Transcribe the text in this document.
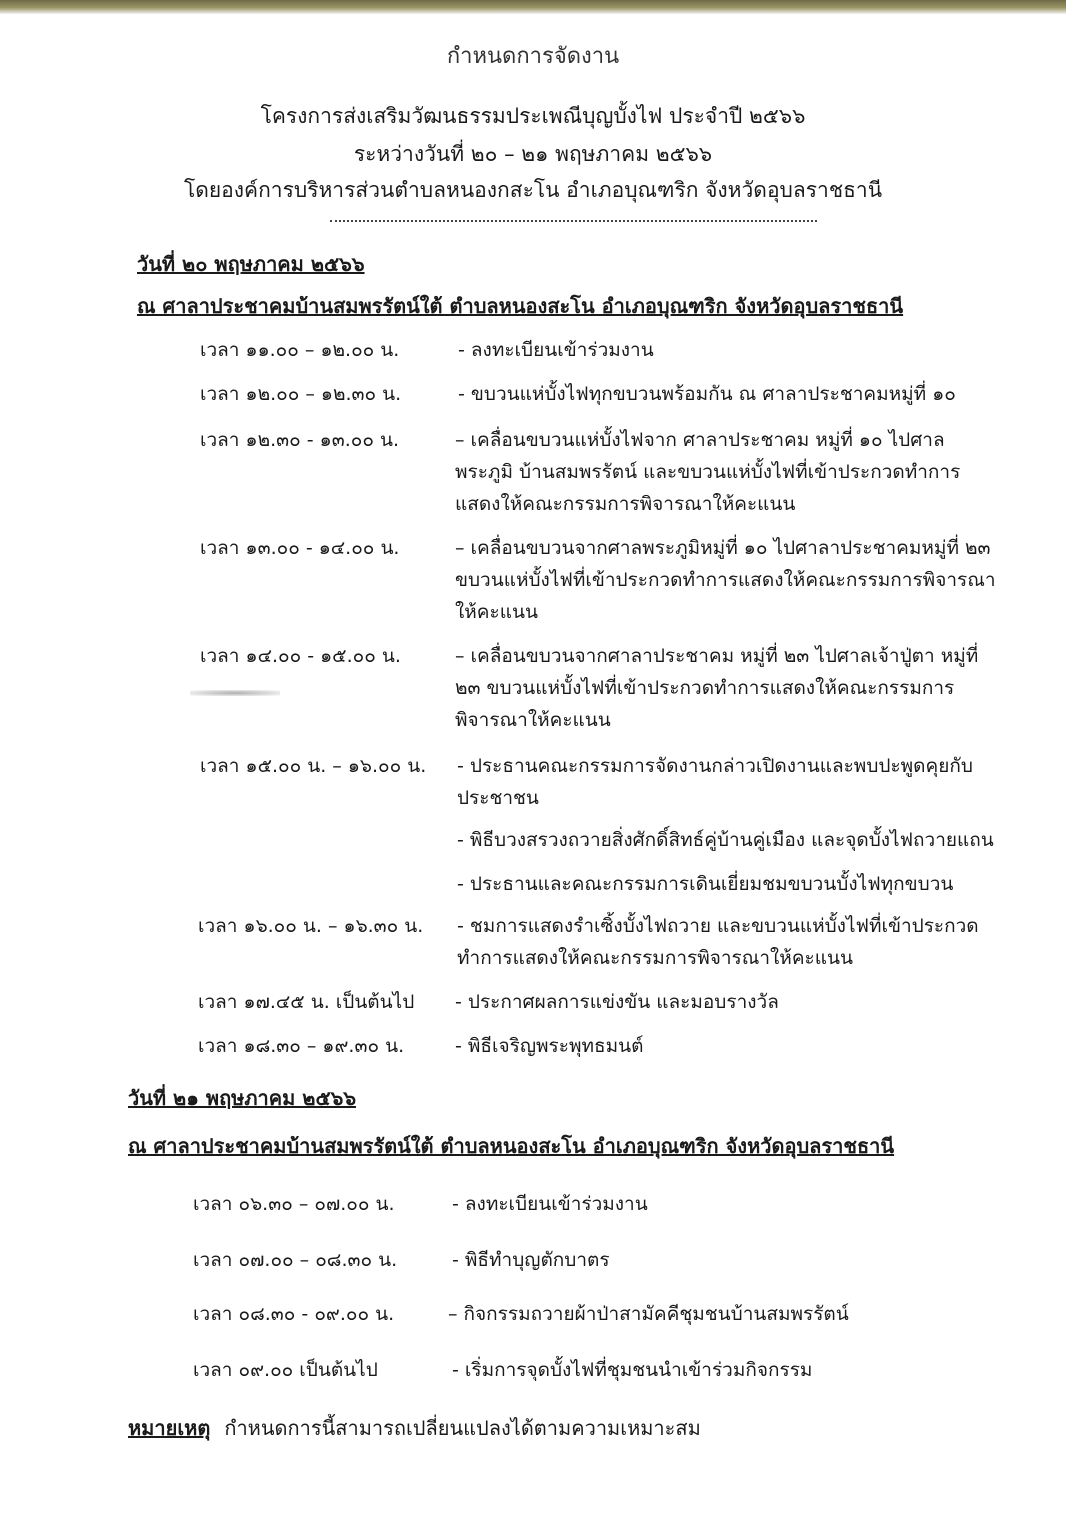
กำหนดการจัดงาน
โครงการส่งเสริมวัฒนธรรมประเพณีบุญบั้งไฟ ประจำปี ๒๕๖๖
ระหว่างวันที่ ๒๐ – ๒๑ พฤษภาคม ๒๕๖๖
โดยองค์การบริหารส่วนตำบลหนองกสะโน อำเภอบุณฑริก จังหวัดอุบลราชธานี
วันที่ ๒๐ พฤษภาคม ๒๕๖๖
ณ ศาลาประชาคมบ้านสมพรรัตน์ใต้ ตำบลหนองสะโน อำเภอบุณฑริก จังหวัดอุบลราชธานี
เวลา ๑๑.๐๐ – ๑๒.๐๐ น.	- ลงทะเบียนเข้าร่วมงาน
เวลา ๑๒.๐๐ – ๑๒.๓๐ น.	- ขบวนแห่บั้งไฟทุกขบวนพร้อมกัน ณ ศาลาประชาคมหมู่ที่ ๑๐
เวลา ๑๒.๓๐ - ๑๓.๐๐ น.	– เคลื่อนขบวนแห่บั้งไฟจาก ศาลาประชาคม หมู่ที่ ๑๐ ไปศาลพระภูมิ บ้านสมพรรัตน์ และขบวนแห่บั้งไฟที่เข้าประกวดทำการแสดงให้คณะกรรมการพิจารณาให้คะแนน
เวลา ๑๓.๐๐ - ๑๔.๐๐ น.	– เคลื่อนขบวนจากศาลพระภูมิหมู่ที่ ๑๐ ไปศาลาประชาคมหมู่ที่ ๒๓ ขบวนแห่บั้งไฟที่เข้าประกวดทำการแสดงให้คณะกรรมการพิจารณาให้คะแนน
เวลา ๑๔.๐๐ - ๑๕.๐๐ น.	– เคลื่อนขบวนจากศาลาประชาคม หมู่ที่ ๒๓ ไปศาลเจ้าปู่ตา หมู่ที่ ๒๓ ขบวนแห่บั้งไฟที่เข้าประกวดทำการแสดงให้คณะกรรมการพิจารณาให้คะแนน
เวลา ๑๕.๐๐ น. – ๑๖.๐๐ น. - ประธานคณะกรรมการจัดงานกล่าวเปิดงานและพบปะพูดคุยกับประชาชน
- พิธีบวงสรวงถวายสิ่งศักดิ์สิทธ์คู่บ้านคู่เมือง และจุดบั้งไฟถวายแถน
- ประธานและคณะกรรมการเดินเยี่ยมชมขบวนบั้งไฟทุกขบวน
เวลา ๑๖.๐๐ น. – ๑๖.๓๐ น. - ชมการแสดงรำเซิ้งบั้งไฟถวาย และขบวนแห่บั้งไฟที่เข้าประกวดทำการแสดงให้คณะกรรมการพิจารณาให้คะแนน
เวลา ๑๗.๔๕ น. เป็นต้นไป - ประกาศผลการแข่งขัน และมอบรางวัล
เวลา ๑๘.๓๐ – ๑๙.๓๐ น.	- พิธีเจริญพระพุทธมนต์
วันที่ ๒๑ พฤษภาคม ๒๕๖๖
ณ ศาลาประชาคมบ้านสมพรรัตน์ใต้ ตำบลหนองสะโน อำเภอบุณฑริก จังหวัดอุบลราชธานี
เวลา ๐๖.๓๐ – ๐๗.๐๐ น.	- ลงทะเบียนเข้าร่วมงาน
เวลา ๐๗.๐๐ – ๐๘.๓๐ น.	- พิธีทำบุญตักบาตร
เวลา ๐๘.๓๐ - ๐๙.๐๐ น.	– กิจกรรมถวายผ้าป่าสามัคคีชุมชนบ้านสมพรรัตน์
เวลา ๐๙.๐๐ เป็นต้นไป	- เริ่มการจุดบั้งไฟที่ชุมชนนำเข้าร่วมกิจกรรม
หมายเหตุ กำหนดการนี้สามารถเปลี่ยนแปลงได้ตามความเหมาะสม
